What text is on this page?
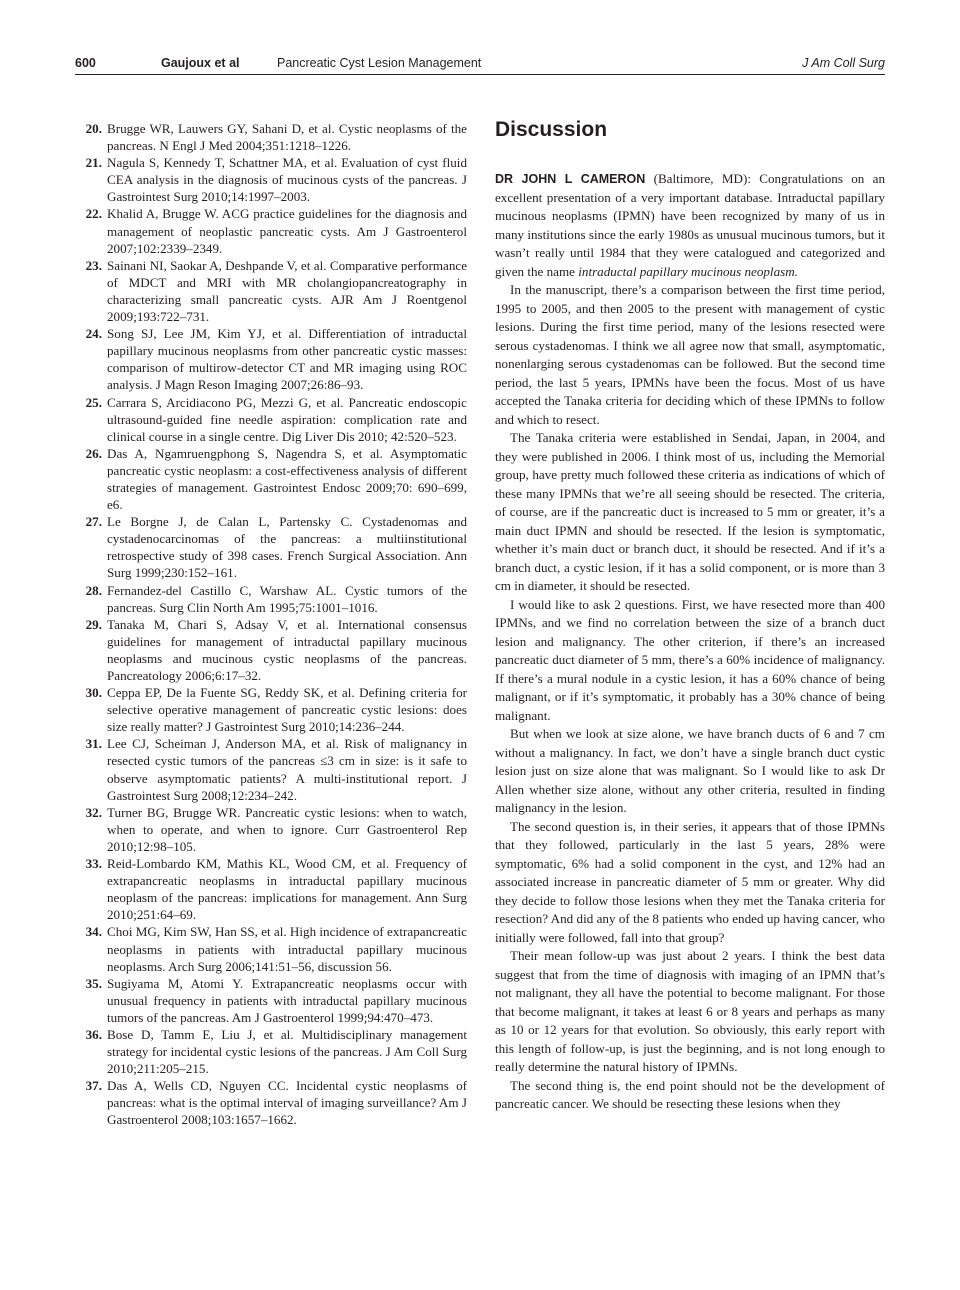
600	Gaujoux et al	Pancreatic Cyst Lesion Management	J Am Coll Surg
20. Brugge WR, Lauwers GY, Sahani D, et al. Cystic neoplasms of the pancreas. N Engl J Med 2004;351:1218–1226.
21. Nagula S, Kennedy T, Schattner MA, et al. Evaluation of cyst fluid CEA analysis in the diagnosis of mucinous cysts of the pancreas. J Gastrointest Surg 2010;14:1997–2003.
22. Khalid A, Brugge W. ACG practice guidelines for the diagnosis and management of neoplastic pancreatic cysts. Am J Gastroenterol 2007;102:2339–2349.
23. Sainani NI, Saokar A, Deshpande V, et al. Comparative performance of MDCT and MRI with MR cholangiopancreatography in characterizing small pancreatic cysts. AJR Am J Roentgenol 2009;193:722–731.
24. Song SJ, Lee JM, Kim YJ, et al. Differentiation of intraductal papillary mucinous neoplasms from other pancreatic cystic masses: comparison of multirow-detector CT and MR imaging using ROC analysis. J Magn Reson Imaging 2007;26:86–93.
25. Carrara S, Arcidiacono PG, Mezzi G, et al. Pancreatic endoscopic ultrasound-guided fine needle aspiration: complication rate and clinical course in a single centre. Dig Liver Dis 2010; 42:520–523.
26. Das A, Ngamruengphong S, Nagendra S, et al. Asymptomatic pancreatic cystic neoplasm: a cost-effectiveness analysis of different strategies of management. Gastrointest Endosc 2009;70: 690–699, e6.
27. Le Borgne J, de Calan L, Partensky C. Cystadenomas and cystadenocarcinomas of the pancreas: a multiinstitutional retrospective study of 398 cases. French Surgical Association. Ann Surg 1999;230:152–161.
28. Fernandez-del Castillo C, Warshaw AL. Cystic tumors of the pancreas. Surg Clin North Am 1995;75:1001–1016.
29. Tanaka M, Chari S, Adsay V, et al. International consensus guidelines for management of intraductal papillary mucinous neoplasms and mucinous cystic neoplasms of the pancreas. Pancreatology 2006;6:17–32.
30. Ceppa EP, De la Fuente SG, Reddy SK, et al. Defining criteria for selective operative management of pancreatic cystic lesions: does size really matter? J Gastrointest Surg 2010;14:236–244.
31. Lee CJ, Scheiman J, Anderson MA, et al. Risk of malignancy in resected cystic tumors of the pancreas ≤3 cm in size: is it safe to observe asymptomatic patients? A multi-institutional report. J Gastrointest Surg 2008;12:234–242.
32. Turner BG, Brugge WR. Pancreatic cystic lesions: when to watch, when to operate, and when to ignore. Curr Gastroenterol Rep 2010;12:98–105.
33. Reid-Lombardo KM, Mathis KL, Wood CM, et al. Frequency of extrapancreatic neoplasms in intraductal papillary mucinous neoplasm of the pancreas: implications for management. Ann Surg 2010;251:64–69.
34. Choi MG, Kim SW, Han SS, et al. High incidence of extrapancreatic neoplasms in patients with intraductal papillary mucinous neoplasms. Arch Surg 2006;141:51–56, discussion 56.
35. Sugiyama M, Atomi Y. Extrapancreatic neoplasms occur with unusual frequency in patients with intraductal papillary mucinous tumors of the pancreas. Am J Gastroenterol 1999;94:470–473.
36. Bose D, Tamm E, Liu J, et al. Multidisciplinary management strategy for incidental cystic lesions of the pancreas. J Am Coll Surg 2010;211:205–215.
37. Das A, Wells CD, Nguyen CC. Incidental cystic neoplasms of pancreas: what is the optimal interval of imaging surveillance? Am J Gastroenterol 2008;103:1657–1662.
Discussion

DR JOHN L CAMERON (Baltimore, MD): Congratulations on an excellent presentation of a very important database. Intraductal papillary mucinous neoplasms (IPMN) have been recognized by many of us in many institutions since the early 1980s as unusual mucinous tumors, but it wasn’t really until 1984 that they were catalogued and categorized and given the name intraductal papillary mucinous neoplasm.

In the manuscript, there’s a comparison between the first time period, 1995 to 2005, and then 2005 to the present with management of cystic lesions. During the first time period, many of the lesions resected were serous cystadenomas. I think we all agree now that small, asymptomatic, nonenlarging serous cystadenomas can be followed. But the second time period, the last 5 years, IPMNs have been the focus. Most of us have accepted the Tanaka criteria for deciding which of these IPMNs to follow and which to resect.

The Tanaka criteria were established in Sendai, Japan, in 2004, and they were published in 2006. I think most of us, including the Memorial group, have pretty much followed these criteria as indications of which of these many IPMNs that we’re all seeing should be resected. The criteria, of course, are if the pancreatic duct is increased to 5 mm or greater, it’s a main duct IPMN and should be resected. If the lesion is symptomatic, whether it’s main duct or branch duct, it should be resected. And if it’s a branch duct, a cystic lesion, if it has a solid component, or is more than 3 cm in diameter, it should be resected.

I would like to ask 2 questions. First, we have resected more than 400 IPMNs, and we find no correlation between the size of a branch duct lesion and malignancy. The other criterion, if there’s an increased pancreatic duct diameter of 5 mm, there’s a 60% incidence of malignancy. If there’s a mural nodule in a cystic lesion, it has a 60% chance of being malignant, or if it’s symptomatic, it probably has a 30% chance of being malignant.

But when we look at size alone, we have branch ducts of 6 and 7 cm without a malignancy. In fact, we don’t have a single branch duct cystic lesion just on size alone that was malignant. So I would like to ask Dr Allen whether size alone, without any other criteria, resulted in finding malignancy in the lesion.

The second question is, in their series, it appears that of those IPMNs that they followed, particularly in the last 5 years, 28% were symptomatic, 6% had a solid component in the cyst, and 12% had an associated increase in pancreatic diameter of 5 mm or greater. Why did they decide to follow those lesions when they met the Tanaka criteria for resection? And did any of the 8 patients who ended up having cancer, who initially were followed, fall into that group?

Their mean follow-up was just about 2 years. I think the best data suggest that from the time of diagnosis with imaging of an IPMN that’s not malignant, they all have the potential to become malignant. For those that become malignant, it takes at least 6 or 8 years and perhaps as many as 10 or 12 years for that evolution. So obviously, this early report with this length of follow-up, is just the beginning, and is not long enough to really determine the natural history of IPMNs.

The second thing is, the end point should not be the development of pancreatic cancer. We should be resecting these lesions when they
